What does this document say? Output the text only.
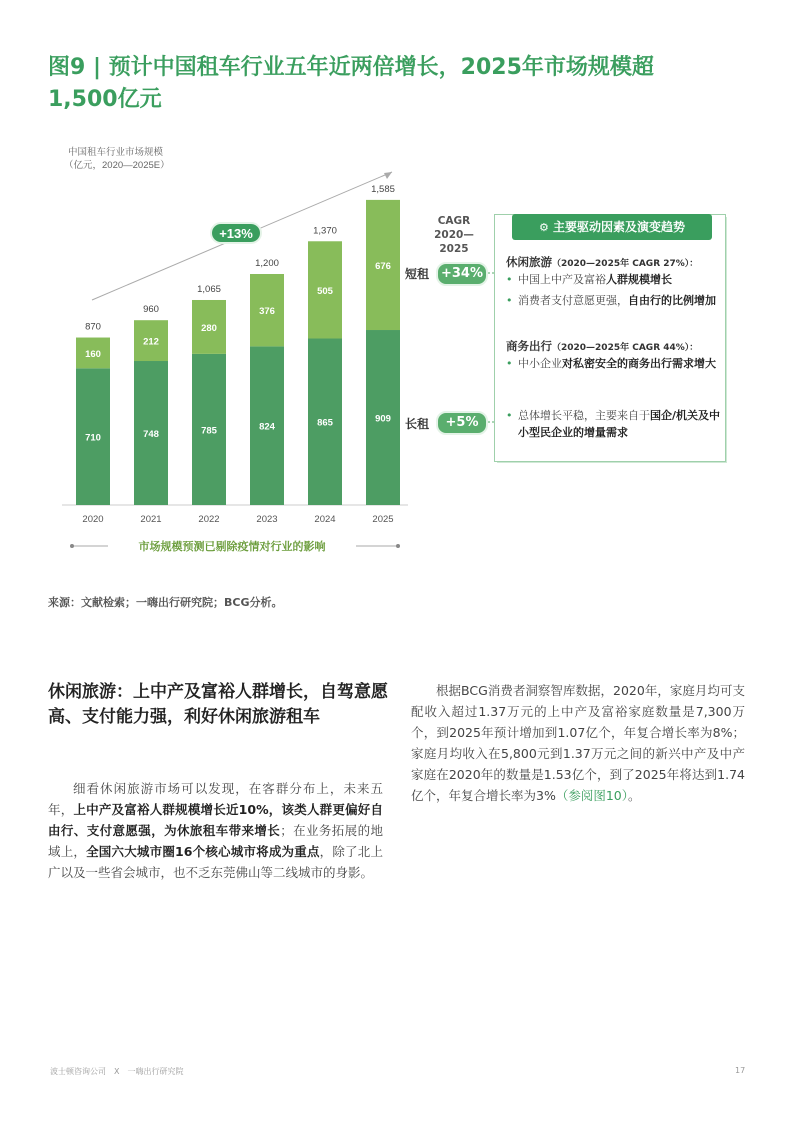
图9 | 预计中国租车行业五年近两倍增长，2025年市场规模超
1,500亿元
中国租车行业市场规模
（亿元，2020—2025E）
+13%
710
160
870
2020
748
212
960
2021
785
280
1,065
2022
824
376
1,200
2023
865
505
1,370
2024
909
676
1,585
2025
市场规模预测已剔除疫情对行业的影响
CAGR
2020—2025
短租 +34%
长租	+5%
⚙ 主要驱动因素及演变趋势
休闲旅游（2020—2025年 CAGR 27%）：
• 中国上中产及富裕人群规模增长
• 消费者支付意愿更强，自由行的比例增加
商务出行（2020—2025年 CAGR 44%）：
• 中小企业对私密安全的商务出行需求增大
• 总体增长平稳，主要来自于国企/机关及中小型民企业的增量需求
来源：文献检索；一嗨出行研究院；BCG分析。
休闲旅游：上中产及富裕人群增长，自驾意愿高、支付能力强，利好休闲旅游租车
细看休闲旅游市场可以发现，在客群分布上，未来五年，上中产及富裕人群规模增长近10%，该类人群更偏好自由行、支付意愿强，为休旅租车带来增长；在业务拓展的地域上，全国六大城市圈16个核心城市将成为重点，除了北上广以及一些省会城市，也不乏东莞佛山等二线城市的身影。
根据BCG消费者洞察智库数据，2020年，家庭月均可支配收入超过1.37万元的上中产及富裕家庭数量是7,300万个，到2025年预计增加到1.07亿个，年复合增长率为8%；家庭月均收入在5,800元到1.37万元之间的新兴中产及中产家庭在2020年的数量是1.53亿个，到了2025年将达到1.74亿个，年复合增长率为3%（参阅图10）。
波士顿咨询公司　X　一嗨出行研究院	17
